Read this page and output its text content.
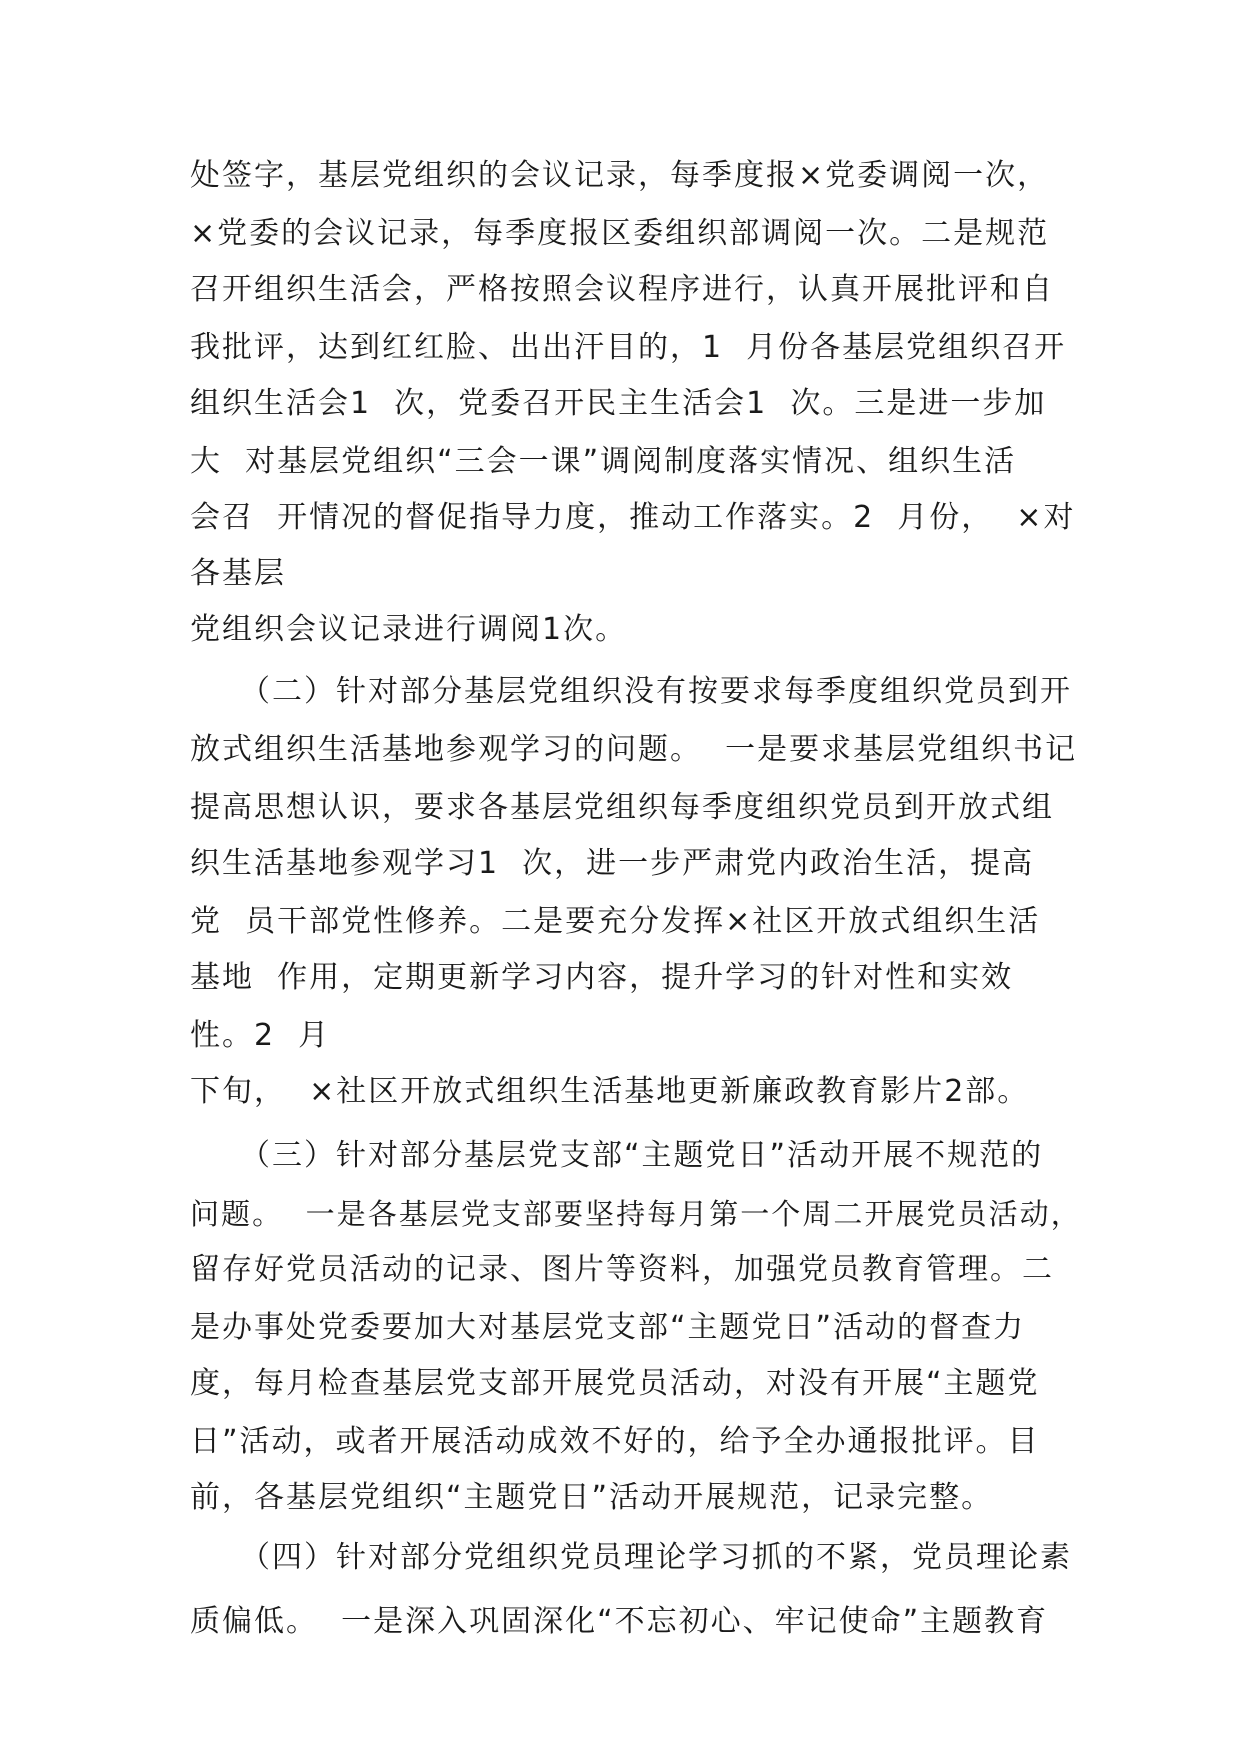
处签字，基层党组织的会议记录，每季度报×党委调阅一次，

×党委的会议记录，每季度报区委组织部调阅一次。二是规范

召开组织生活会，严格按照会议程序进行，认真开展批评和自

我批评，达到红红脸、出出汗目的，1  月份各基层党组织召开

组织生活会1  次，党委召开民主生活会1  次。三是进一步加

大  对基层党组织“三会一课”调阅制度落实情况、组织生活

会召  开情况的督促指导力度，推动工作落实。2  月份，  ×对

各基层

党组织会议记录进行调阅1次。

（二）针对部分基层党组织没有按要求每季度组织党员到开

放式组织生活基地参观学习的问题。  一是要求基层党组织书记

提高思想认识，要求各基层党组织每季度组织党员到开放式组

织生活基地参观学习1  次，进一步严肃党内政治生活，提高

党  员干部党性修养。二是要充分发挥×社区开放式组织生活

基地  作用，定期更新学习内容，提升学习的针对性和实效

性。2  月

下旬，  ×社区开放式组织生活基地更新廉政教育影片2部。

（三）针对部分基层党支部“主题党日”活动开展不规范的

问题。  一是各基层党支部要坚持每月第一个周二开展党员活动，

留存好党员活动的记录、图片等资料，加强党员教育管理。二

是办事处党委要加大对基层党支部“主题党日”活动的督查力

度，每月检查基层党支部开展党员活动，对没有开展“主题党

日”活动，或者开展活动成效不好的，给予全办通报批评。目

前，各基层党组织“主题党日”活动开展规范，记录完整。

（四）针对部分党组织党员理论学习抓的不紧，党员理论素

质偏低。  一是深入巩固深化“不忘初心、牢记使命”主题教育
